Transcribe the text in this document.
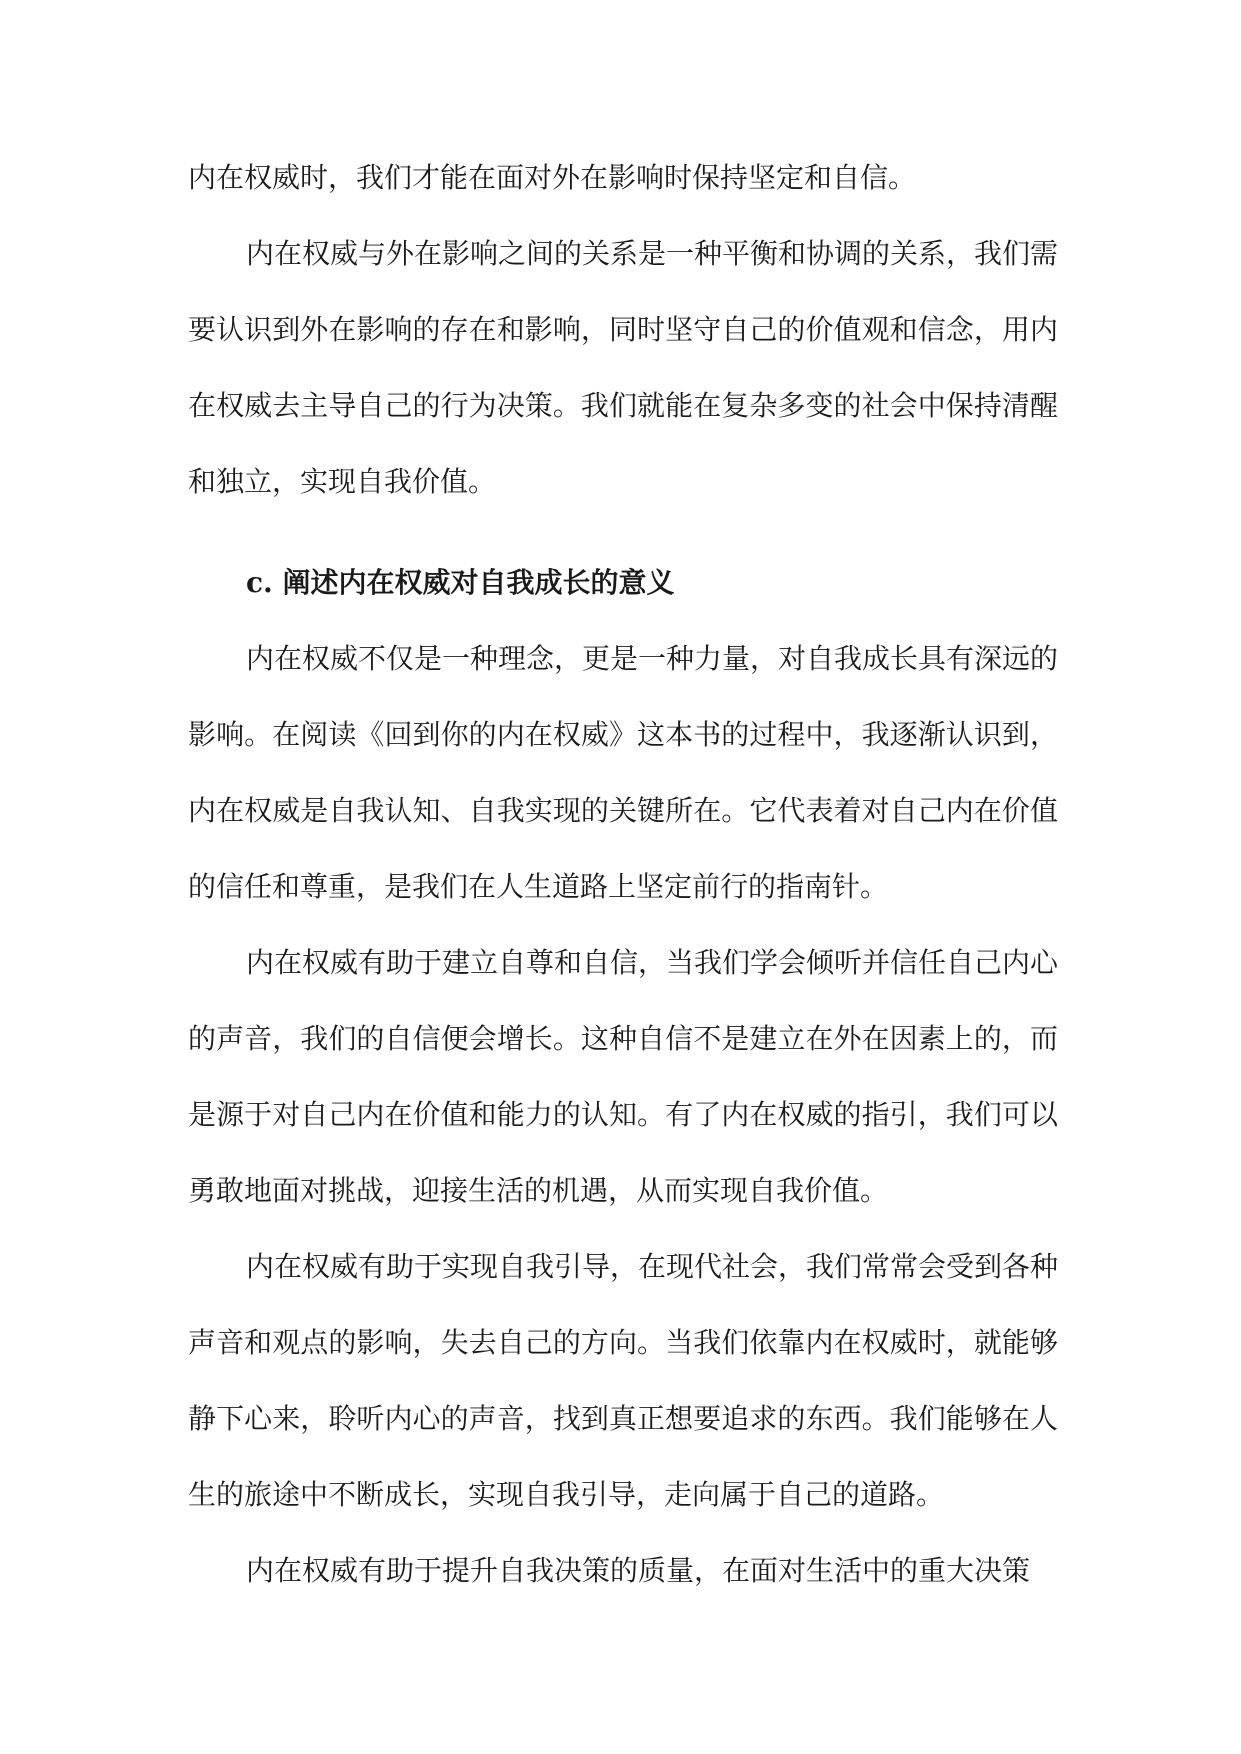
内在权威时，我们才能在面对外在影响时保持坚定和自信。

内在权威与外在影响之间的关系是一种平衡和协调的关系，我们需要认识到外在影响的存在和影响，同时坚守自己的价值观和信念，用内在权威去主导自己的行为决策。我们就能在复杂多变的社会中保持清醒和独立，实现自我价值。

c. 阐述内在权威对自我成长的意义

内在权威不仅是一种理念，更是一种力量，对自我成长具有深远的影响。在阅读《回到你的内在权威》这本书的过程中，我逐渐认识到，内在权威是自我认知、自我实现的关键所在。它代表着对自己内在价值的信任和尊重，是我们在人生道路上坚定前行的指南针。

内在权威有助于建立自尊和自信，当我们学会倾听并信任自己内心的声音，我们的自信便会增长。这种自信不是建立在外在因素上的，而是源于对自己内在价值和能力的认知。有了内在权威的指引，我们可以勇敢地面对挑战，迎接生活的机遇，从而实现自我价值。

内在权威有助于实现自我引导，在现代社会，我们常常会受到各种声音和观点的影响，失去自己的方向。当我们依靠内在权威时，就能够静下心来，聆听内心的声音，找到真正想要追求的东西。我们能够在人生的旅途中不断成长，实现自我引导，走向属于自己的道路。

内在权威有助于提升自我决策的质量，在面对生活中的重大决策
